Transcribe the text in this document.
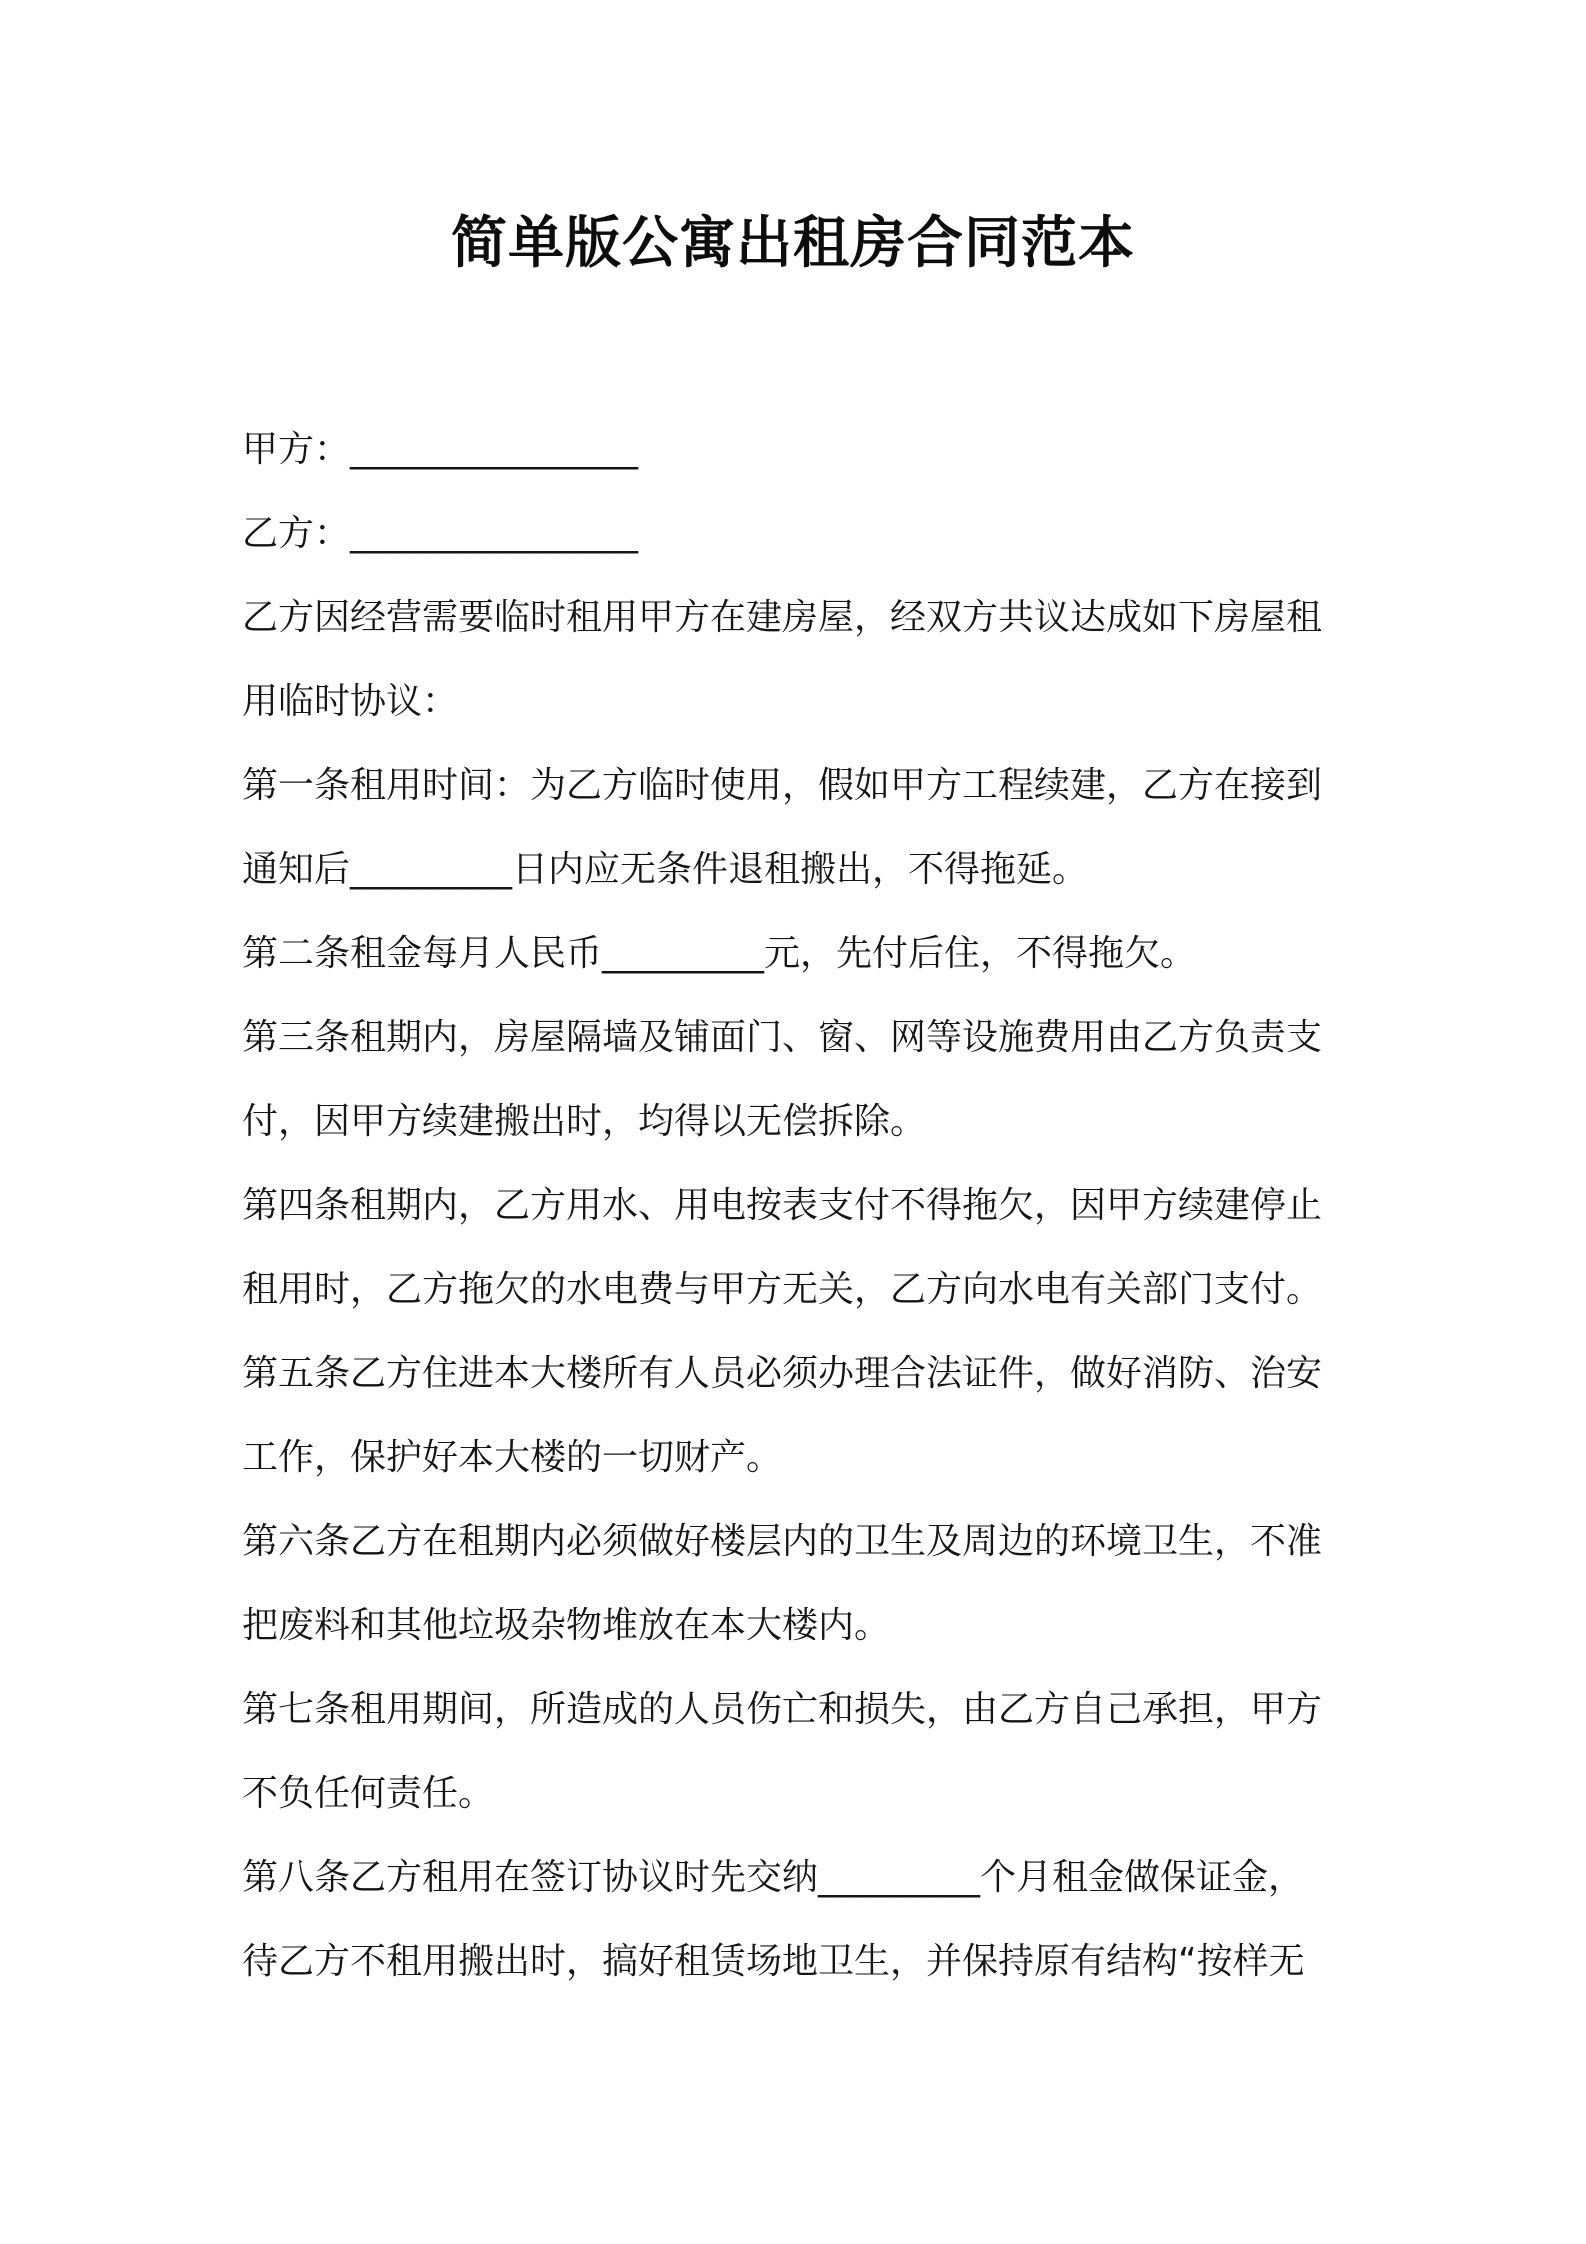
简单版公寓出租房合同范本
甲方：________________
乙方：________________
乙方因经营需要临时租用甲方在建房屋，经双方共议达成如下房屋租
用临时协议：
第一条租用时间：为乙方临时使用，假如甲方工程续建，乙方在接到
通知后_________日内应无条件退租搬出，不得拖延。
第二条租金每月人民币_________元，先付后住，不得拖欠。
第三条租期内，房屋隔墙及铺面门、窗、网等设施费用由乙方负责支
付，因甲方续建搬出时，均得以无偿拆除。
第四条租期内，乙方用水、用电按表支付不得拖欠，因甲方续建停止
租用时，乙方拖欠的水电费与甲方无关，乙方向水电有关部门支付。
第五条乙方住进本大楼所有人员必须办理合法证件，做好消防、治安
工作，保护好本大楼的一切财产。
第六条乙方在租期内必须做好楼层内的卫生及周边的环境卫生，不准
把废料和其他垃圾杂物堆放在本大楼内。
第七条租用期间，所造成的人员伤亡和损失，由乙方自己承担，甲方
不负任何责任。
第八条乙方租用在签订协议时先交纳_________个月租金做保证金，
待乙方不租用搬出时，搞好租赁场地卫生，并保持原有结构“按样无
